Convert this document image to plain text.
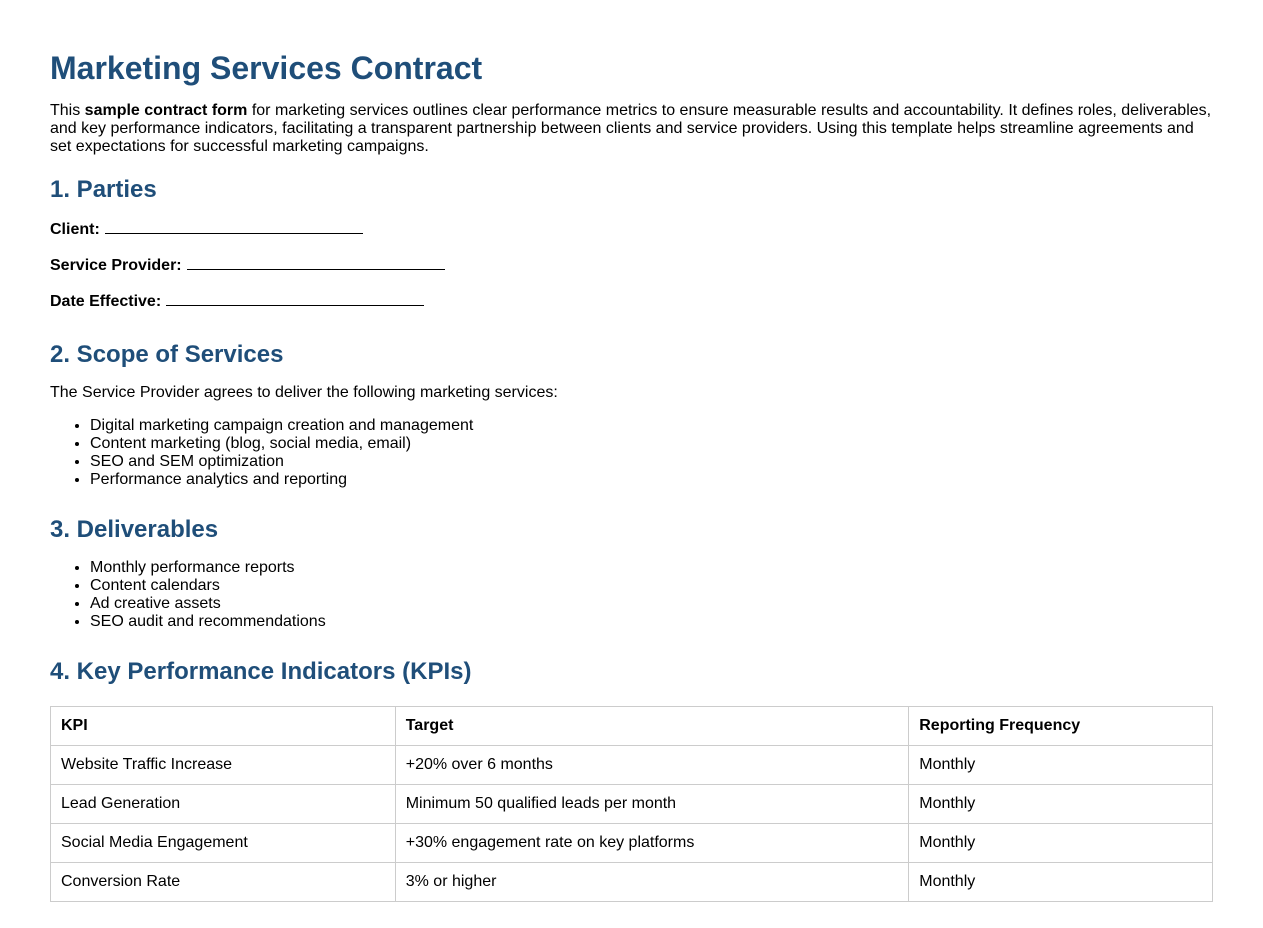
Marketing Services Contract

This sample contract form for marketing services outlines clear performance metrics to ensure measurable results and accountability. It defines roles, deliverables, and key performance indicators, facilitating a transparent partnership between clients and service providers. Using this template helps streamline agreements and set expectations for successful marketing campaigns.

1. Parties

Client:

Service Provider:

Date Effective:

2. Scope of Services

The Service Provider agrees to deliver the following marketing services:

• Digital marketing campaign creation and management
• Content marketing (blog, social media, email)
• SEO and SEM optimization
• Performance analytics and reporting
3. Deliverables
• Monthly performance reports
• Content calendars
• Ad creative assets
• SEO audit and recommendations
4. Key Performance Indicators (KPIs)
KPI	Target	Reporting Frequency
Website Traffic Increase	+20% over 6 months	Monthly
Lead Generation	Minimum 50 qualified leads per month	Monthly
Social Media Engagement	+30% engagement rate on key platforms	Monthly
Conversion Rate	3% or higher	Monthly
